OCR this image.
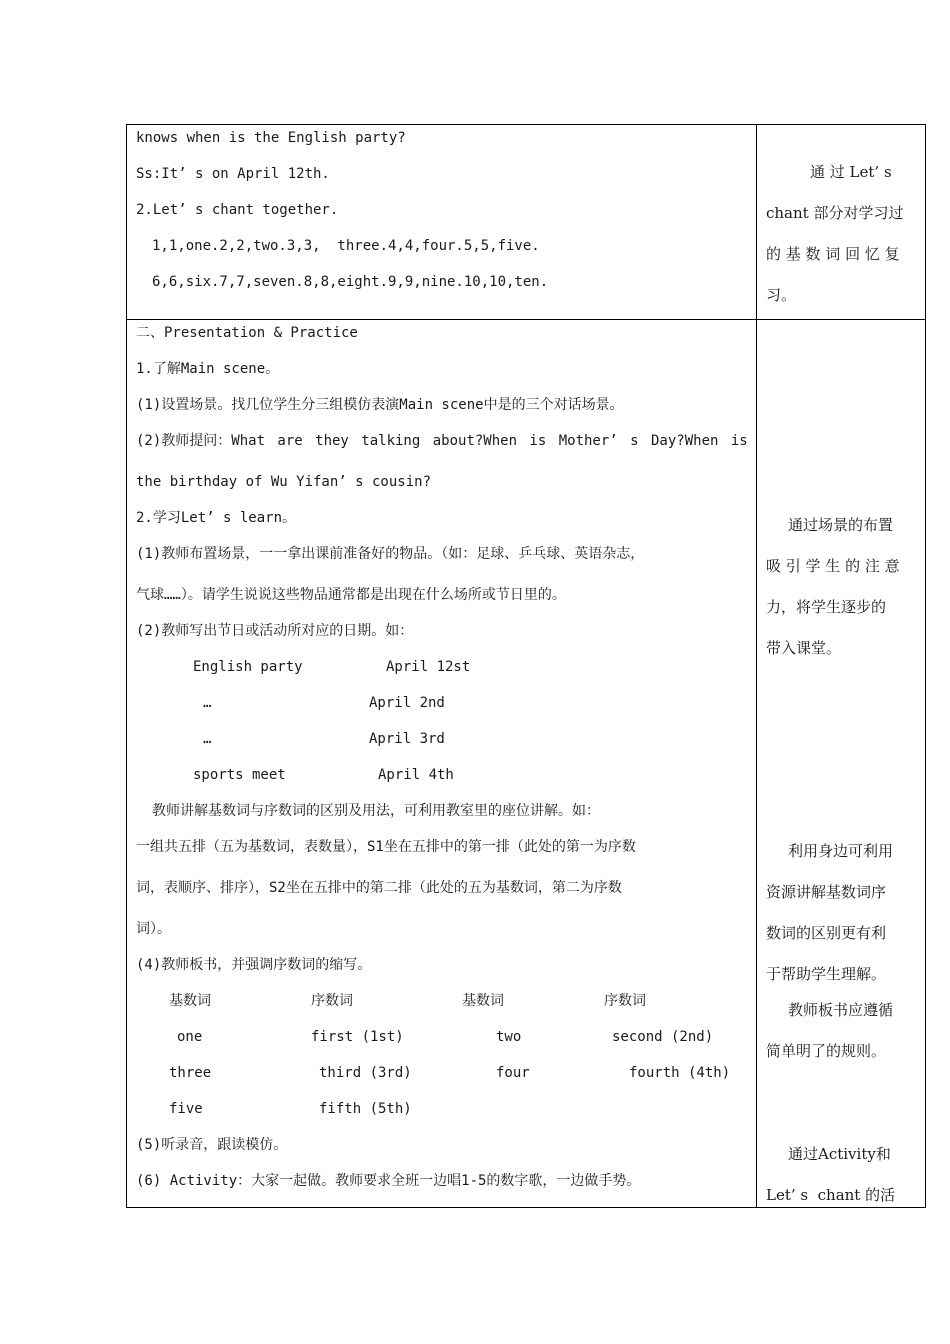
knows when is the English party?
Ss:It’ s on April 12th.
2.Let’ s chant together.
1,1,one.2,2,two.3,3,  three.4,4,four.5,5,five.
6,6,six.7,7,seven.8,8,eight.9,9,nine.10,10,ten.
通 过 Let’ s
chant 部分对学习过
的 基 数 词 回 忆 复
习。
二、Presentation & Practice
1.了解Main scene。
(1)设置场景。找几位学生分三组模仿表演Main scene中是的三个对话场景。
(2)教师提问：What are they talking about?When is Mother’ s Day?When is
the birthday of Wu Yifan’ s cousin?
2.学习Let’ s learn。
(1)教师布置场景，一一拿出课前准备好的物品。（如：足球、乒乓球、英语杂志，
气球……）。请学生说说这些物品通常都是出现在什么场所或节日里的。
(2)教师写出节日或活动所对应的日期。如：
English party	April 12st
…	April 2nd
…	April 3rd
sports meet	April 4th
教师讲解基数词与序数词的区别及用法，可利用教室里的座位讲解。如：
一组共五排（五为基数词，表数量），S1坐在五排中的第一排（此处的第一为序数
词，表顺序、排序），S2坐在五排中的第二排（此处的五为基数词，第二为序数
词）。
(4)教师板书，并强调序数词的缩写。
基数词	序数词	基数词	序数词
one	first (1st)	two	second (2nd)
three	third (3rd)	four	fourth (4th)
five	fifth (5th)
(5)听录音，跟读模仿。
(6) Activity：大家一起做。教师要求全班一边唱1-5的数字歌，一边做手势。
通过场景的布置
吸 引 学 生 的 注 意
力，将学生逐步的
带入课堂。
利用身边可利用
资源讲解基数词序
数词的区别更有利
于帮助学生理解。
教师板书应遵循
简单明了的规则。
通过Activity和
Let’ s  chant 的活
